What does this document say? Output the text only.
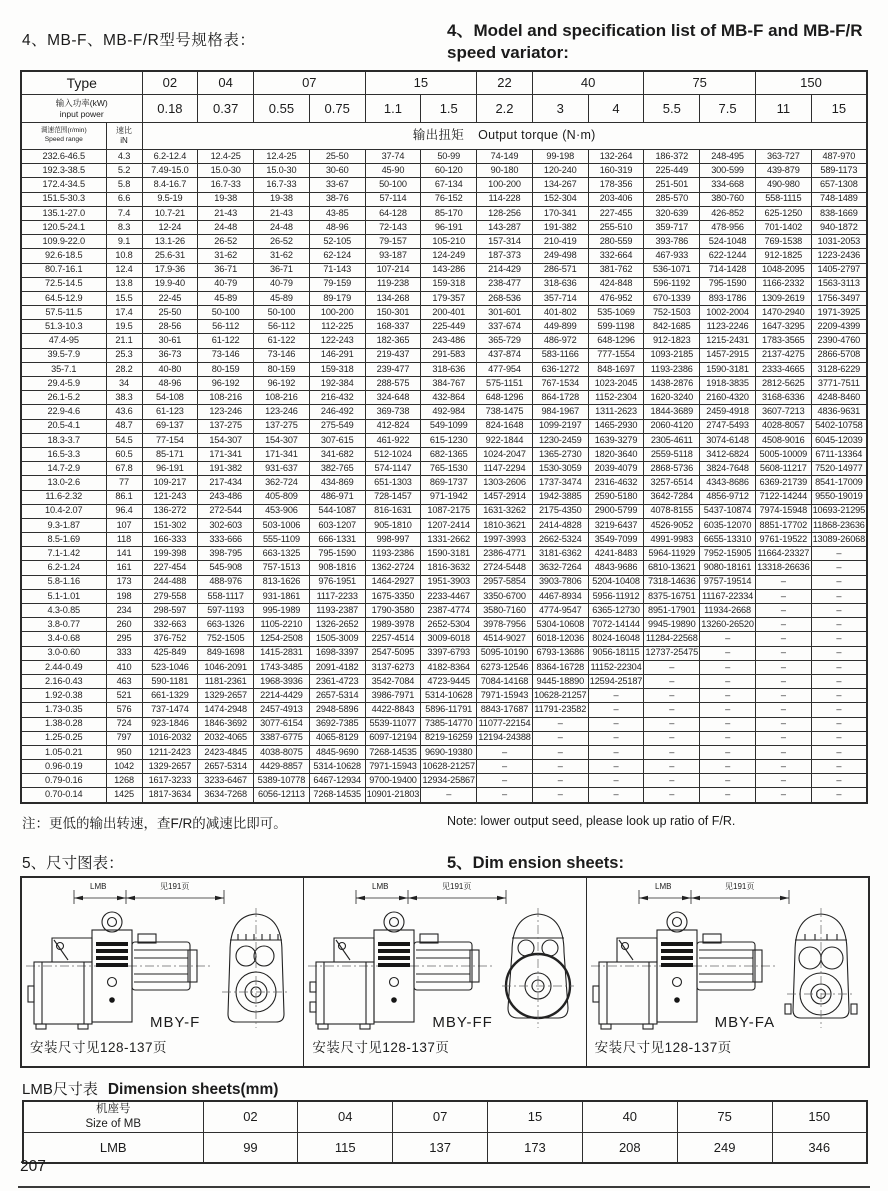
4、MB-F、MB-F/R型号规格表：
4、Model and specification list of MB-F and MB-F/R speed variator:
Type		02	04	07		15		22	40		75		150	

输入功率(kW)
input power		0.18	0.37	0.55	0.75	1.1	1.5	2.2	3	4	5.5	7.5	11	15

调速范围(r/min)
Speed range

速比
iN	输出扭矩 Output torque (N·m)
232.6-46.5	4.3	6.2-12.4	12.4-25	12.4-25	25-50	37-74	50-99	74-149	99-198	132-264	186-372	248-495	363-727	487-970
192.3-38.5	5.2	7.49-15.0	15.0-30	15.0-30	30-60	45-90	60-120	90-180	120-240	160-319	225-449	300-599	439-879	589-1173
172.4-34.5	5.8	8.4-16.7	16.7-33	16.7-33	33-67	50-100	67-134	100-200	134-267	178-356	251-501	334-668	490-980	657-1308
151.5-30.3	6.6	9.5-19	19-38	19-38	38-76	57-114	76-152	114-228	152-304	203-406	285-570	380-760	558-1115	748-1489
135.1-27.0	7.4	10.7-21	21-43	21-43	43-85	64-128	85-170	128-256	170-341	227-455	320-639	426-852	625-1250	838-1669
120.5-24.1	8.3	12-24	24-48	24-48	48-96	72-143	96-191	143-287	191-382	255-510	359-717	478-956	701-1402	940-1872
109.9-22.0	9.1	13.1-26	26-52	26-52	52-105	79-157	105-210	157-314	210-419	280-559	393-786	524-1048	769-1538	1031-2053
92.6-18.5	10.8	25.6-31	31-62	31-62	62-124	93-187	124-249	187-373	249-498	332-664	467-933	622-1244	912-1825	1223-2436
80.7-16.1	12.4	17.9-36	36-71	36-71	71-143	107-214	143-286	214-429	286-571	381-762	536-1071	714-1428	1048-2095	1405-2797
72.5-14.5	13.8	19.9-40	40-79	40-79	79-159	119-238	159-318	238-477	318-636	424-848	596-1192	795-1590	1166-2332	1563-3113
64.5-12.9	15.5	22-45	45-89	45-89	89-179	134-268	179-357	268-536	357-714	476-952	670-1339	893-1786	1309-2619	1756-3497
57.5-11.5	17.4	25-50	50-100	50-100	100-200	150-301	200-401	301-601	401-802	535-1069	752-1503	1002-2004	1470-2940	1971-3925
51.3-10.3	19.5	28-56	56-112	56-112	112-225	168-337	225-449	337-674	449-899	599-1198	842-1685	1123-2246	1647-3295	2209-4399
47.4-95	21.1	30-61	61-122	61-122	122-243	182-365	243-486	365-729	486-972	648-1296	912-1823	1215-2431	1783-3565	2390-4760
39.5-7.9	25.3	36-73	73-146	73-146	146-291	219-437	291-583	437-874	583-1166	777-1554	1093-2185	1457-2915	2137-4275	2866-5708
35-7.1	28.2	40-80	80-159	80-159	159-318	239-477	318-636	477-954	636-1272	848-1697	1193-2386	1590-3181	2333-4665	3128-6229
29.4-5.9	34	48-96	96-192	96-192	192-384	288-575	384-767	575-1151	767-1534	1023-2045	1438-2876	1918-3835	2812-5625	3771-7511
26.1-5.2	38.3	54-108	108-216	108-216	216-432	324-648	432-864	648-1296	864-1728	1152-2304	1620-3240	2160-4320	3168-6336	4248-8460
22.9-4.6	43.6	61-123	123-246	123-246	246-492	369-738	492-984	738-1475	984-1967	1311-2623	1844-3689	2459-4918	3607-7213	4836-9631
20.5-4.1	48.7	69-137	137-275	137-275	275-549	412-824	549-1099	824-1648	1099-2197	1465-2930	2060-4120	2747-5493	4028-8057	5402-10758
18.3-3.7	54.5	77-154	154-307	154-307	307-615	461-922	615-1230	922-1844	1230-2459	1639-3279	2305-4611	3074-6148	4508-9016	6045-12039
16.5-3.3	60.5	85-171	171-341	171-341	341-682	512-1024	682-1365	1024-2047	1365-2730	1820-3640	2559-5118	3412-6824	5005-10009	6711-13364
14.7-2.9	67.8	96-191	191-382	931-637	382-765	574-1147	765-1530	1147-2294	1530-3059	2039-4079	2868-5736	3824-7648	5608-11217	7520-14977
13.0-2.6	77	109-217	217-434	362-724	434-869	651-1303	869-1737	1303-2606	1737-3474	2316-4632	3257-6514	4343-8686	6369-21739	8541-17009
11.6-2.32	86.1	121-243	243-486	405-809	486-971	728-1457	971-1942	1457-2914	1942-3885	2590-5180	3642-7284	4856-9712	7122-14244	9550-19019
10.4-2.07	96.4	136-272	272-544	453-906	544-1087	816-1631	1087-2175	1631-3262	2175-4350	2900-5799	4078-8155	5437-10874	7974-15948	10693-21295
9.3-1.87	107	151-302	302-603	503-1006	603-1207	905-1810	1207-2414	1810-3621	2414-4828	3219-6437	4526-9052	6035-12070	8851-17702	11868-23636
8.5-1.69	118	166-333	333-666	555-1109	666-1331	998-997	1331-2662	1997-3993	2662-5324	3549-7099	4991-9983	6655-13310	9761-19522	13089-26068
7.1-1.42	141	199-398	398-795	663-1325	795-1590	1193-2386	1590-3181	2386-4771	3181-6362	4241-8483	5964-11929	7952-15905	11664-23327	–
6.2-1.24	161	227-454	545-908	757-1513	908-1816	1362-2724	1816-3632	2724-5448	3632-7264	4843-9686	6810-13621	9080-18161	13318-26636	–
5.8-1.16	173	244-488	488-976	813-1626	976-1951	1464-2927	1951-3903	2957-5854	3903-7806	5204-10408	7318-14636	9757-19514	–	–
5.1-1.01	198	279-558	558-1117	931-1861	1117-2233	1675-3350	2233-4467	3350-6700	4467-8934	5956-11912	8375-16751	11167-22334	–	–
4.3-0.85	234	298-597	597-1193	995-1989	1193-2387	1790-3580	2387-4774	3580-7160	4774-9547	6365-12730	8951-17901	11934-2668	–	–
3.8-0.77	260	332-663	663-1326	1105-2210	1326-2652	1989-3978	2652-5304	3978-7956	5304-10608	7072-14144	9945-19890	13260-26520	–	–
3.4-0.68	295	376-752	752-1505	1254-2508	1505-3009	2257-4514	3009-6018	4514-9027	6018-12036	8024-16048	11284-22568	–	–	–
3.0-0.60	333	425-849	849-1698	1415-2831	1698-3397	2547-5095	3397-6793	5095-10190	6793-13686	9056-18115	12737-25475	–	–	–
2.44-0.49	410	523-1046	1046-2091	1743-3485	2091-4182	3137-6273	4182-8364	6273-12546	8364-16728	11152-22304	–	–	–	–
2.16-0.43	463	590-1181	1181-2361	1968-3936	2361-4723	3542-7084	4723-9445	7084-14168	9445-18890	12594-25187	–	–	–	–
1.92-0.38	521	661-1329	1329-2657	2214-4429	2657-5314	3986-7971	5314-10628	7971-15943	10628-21257	–	–	–	–	–
1.73-0.35	576	737-1474	1474-2948	2457-4913	2948-5896	4422-8843	5896-11791	8843-17687	11791-23582	–	–	–	–	–
1.38-0.28	724	923-1846	1846-3692	3077-6154	3692-7385	5539-11077	7385-14770	11077-22154	–	–	–	–	–	–
1.25-0.25	797	1016-2032	2032-4065	3387-6775	4065-8129	6097-12194	8219-16259	12194-24388	–	–	–	–	–	–
1.05-0.21	950	1211-2423	2423-4845	4038-8075	4845-9690	7268-14535	9690-19380	–	–	–	–	–	–	–
0.96-0.19	1042	1329-2657	2657-5314	4429-8857	5314-10628	7971-15943	10628-21257	–	–	–	–	–	–	–
0.79-0.16	1268	1617-3233	3233-6467	5389-10778	6467-12934	9700-19400	12934-25867	–	–	–	–	–	–	–
0.70-0.14	1425	1817-3634	3634-7268	6056-12113	7268-14535	10901-21803	–	–	–	–	–	–	–	–
注：更低的输出转速，查F/R的减速比即可。	Note: lower output seed, please look up ratio of F/R.
5、尺寸图表：	5、Dim ension sheets:
LMB	见191页
MBY-F
安装尺寸见128-137页
LMB	见191页
MBY-FF
安装尺寸见128-137页
LMB	见191页
MBY-FA
安装尺寸见128-137页
LMB尺寸表 Dimension sheets(mm)
机座号
Size of MB	02	04	07	15	40	75	150
LMB	99	115	137	173	208	249	346
207
